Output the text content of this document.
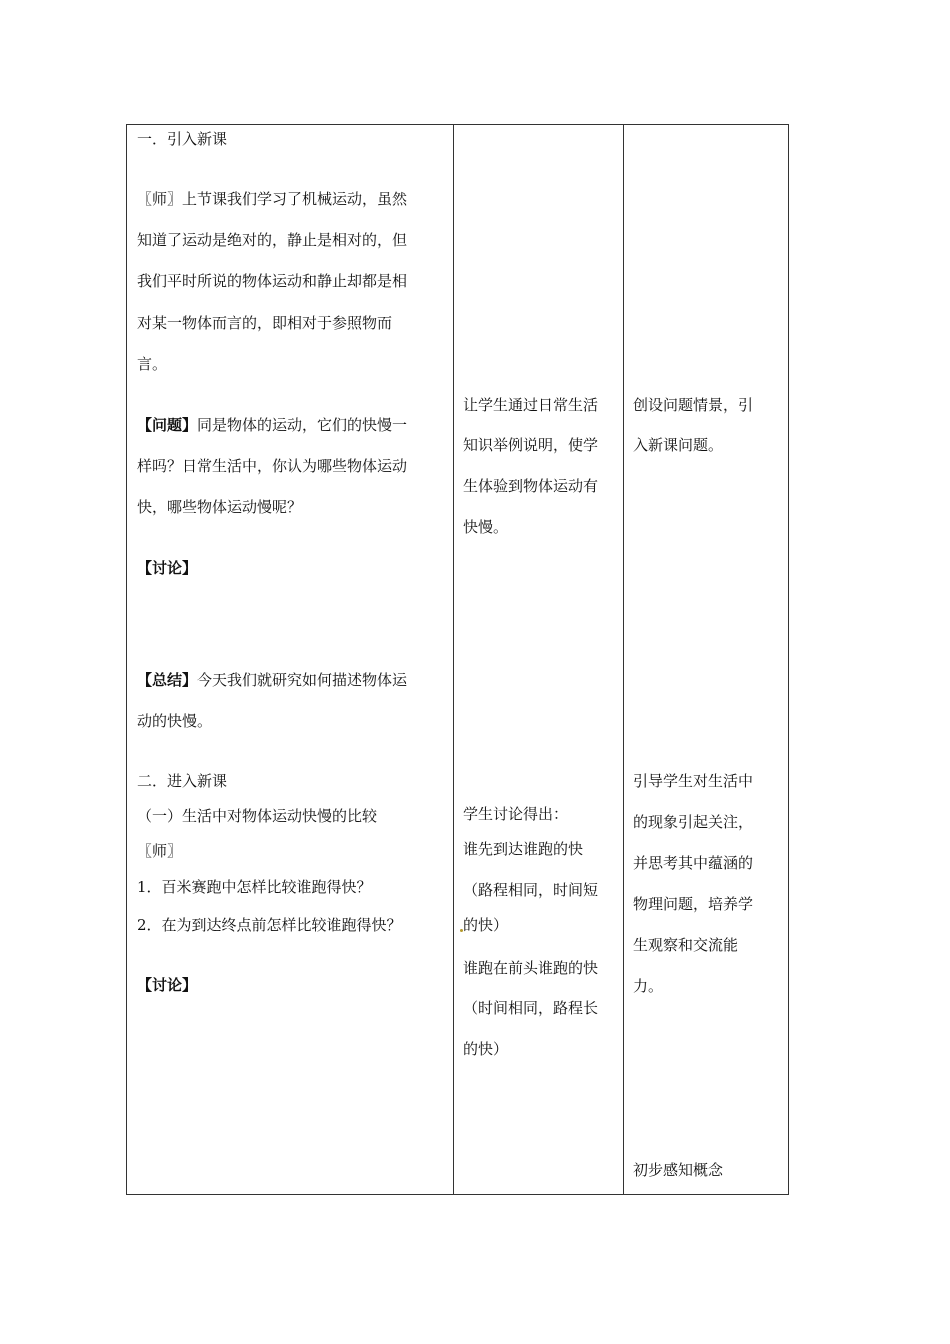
一．引入新课
〖师〗上节课我们学习了机械运动，虽然
知道了运动是绝对的，静止是相对的，但
我们平时所说的物体运动和静止却都是相
对某一物体而言的，即相对于参照物而
言。
【问题】同是物体的运动，它们的快慢一
样吗？日常生活中，你认为哪些物体运动
快，哪些物体运动慢呢？
【讨论】
【总结】今天我们就研究如何描述物体运
动的快慢。
二．进入新课
（一）生活中对物体运动快慢的比较
〖师〗
1．百米赛跑中怎样比较谁跑得快？
2．在为到达终点前怎样比较谁跑得快？
【讨论】
让学生通过日常生活
知识举例说明，使学
生体验到物体运动有
快慢。
学生讨论得出：
谁先到达谁跑的快
（路程相同，时间短
的快）
谁跑在前头谁跑的快
（时间相同，路程长
的快）
创设问题情景，引
入新课问题。
引导学生对生活中
的现象引起关注，
并思考其中蕴涵的
物理问题，培养学
生观察和交流能
力。
初步感知概念
